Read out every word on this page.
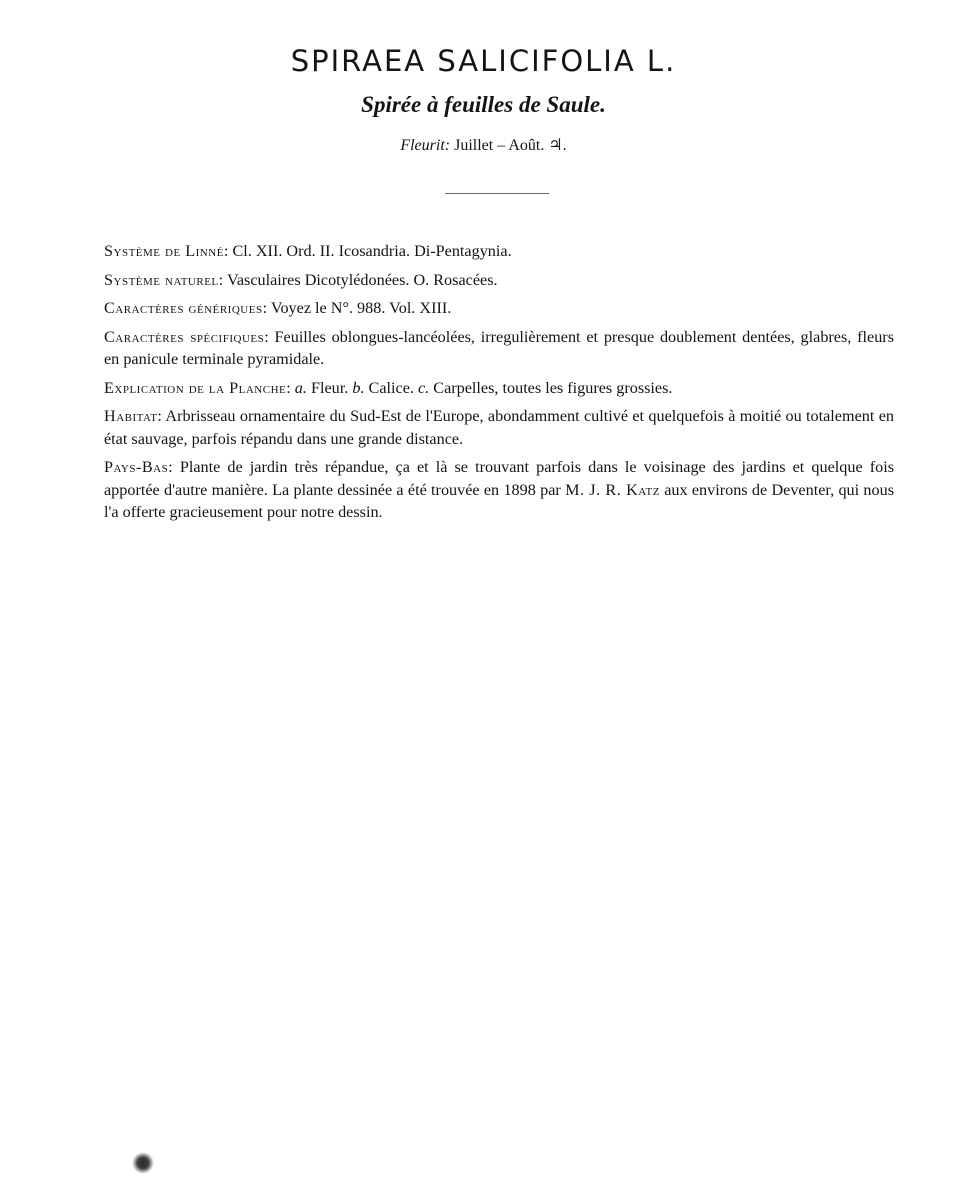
SPIRAEA SALICIFOLIA L.
Spirée à feuilles de Saule.
Fleurit: Juillet – Août. ♃.

Système de Linné: Cl. XII. Ord. II. Icosandria. Di-Pentagynia.

Système naturel: Vasculaires Dicotylédonées. O. Rosacées.

Caractères génériques: Voyez le N°. 988. Vol. XIII.

Caractères spécifiques: Feuilles oblongues-lancéolées, irregulièrement et presque doublement dentées, glabres, fleurs en panicule terminale pyramidale.

Explication de la Planche: a. Fleur. b. Calice. c. Carpelles, toutes les figures grossies.

Habitat: Arbrisseau ornamentaire du Sud-Est de l'Europe, abondamment cultivé et quelquefois à moitié ou totalement en état sauvage, parfois répandu dans une grande distance.

Pays-Bas: Plante de jardin très répandue, ça et là se trouvant parfois dans le voisinage des jardins et quelque fois apportée d'autre manière. La plante dessinée a été trouvée en 1898 par M. J. R. Katz aux environs de Deventer, qui nous l'a offerte gracieusement pour notre dessin.
